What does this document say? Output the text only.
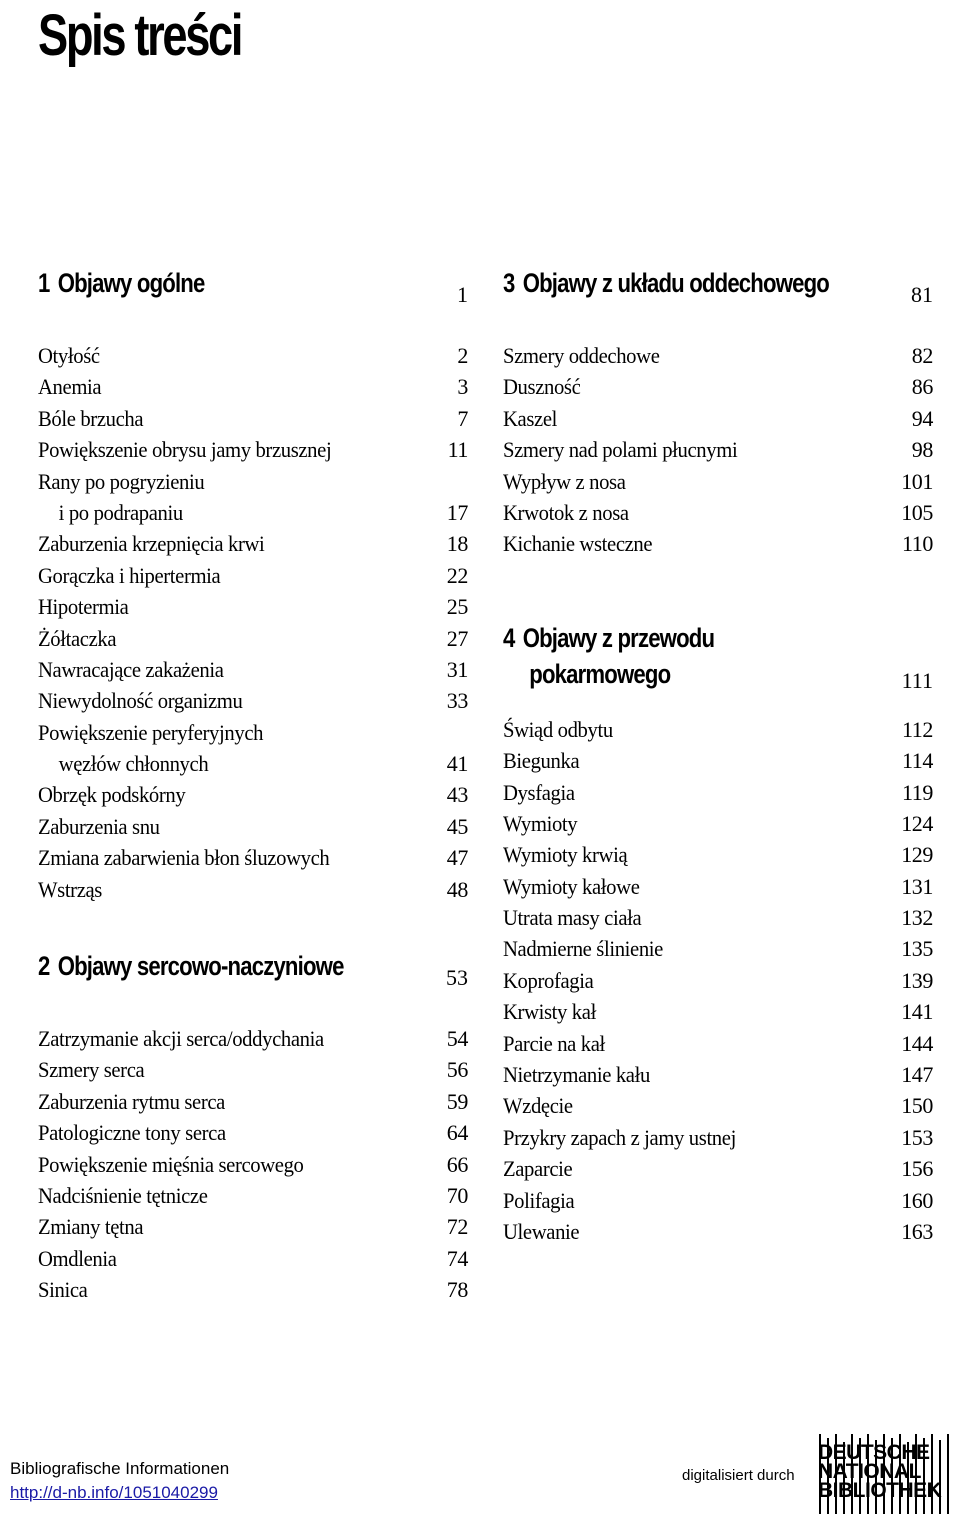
Spis treści
1 Objawy ogólne	1
Otyłość	2
Anemia	3
Bóle brzucha	7
Powiększenie obrysu jamy brzusznej	11
Rany po pogryzieniu
i po podrapaniu	17
Zaburzenia krzepnięcia krwi	18
Gorączka i hipertermia	22
Hipotermia	25
Żółtaczka	27
Nawracające zakażenia	31
Niewydolność organizmu	33
Powiększenie peryferyjnych
węzłów chłonnych	41
Obrzęk podskórny	43
Zaburzenia snu	45
Zmiana zabarwienia błon śluzowych	47
Wstrząs	48
2 Objawy sercowo-naczyniowe	53
Zatrzymanie akcji serca/oddychania	54
Szmery serca	56
Zaburzenia rytmu serca	59
Patologiczne tony serca	64
Powiększenie mięśnia sercowego	66
Nadciśnienie tętnicze	70
Zmiany tętna	72
Omdlenia	74
Sinica	78
3 Objawy z układu oddechowego	81
Szmery oddechowe	82
Duszność	86
Kaszel	94
Szmery nad polami płucnymi	98
Wypływ z nosa	101
Krwotok z nosa	105
Kichanie wsteczne	110
4 Objawy z przewodu
pokarmowego	111
Świąd odbytu	112
Biegunka	114
Dysfagia	119
Wymioty	124
Wymioty krwią	129
Wymioty kałowe	131
Utrata masy ciała	132
Nadmierne ślinienie	135
Koprofagia	139
Krwisty kał	141
Parcie na kał	144
Nietrzymanie kału	147
Wzdęcie	150
Przykry zapach z jamy ustnej	153
Zaparcie	156
Polifagia	160
Ulewanie	163
Bibliografische Informationen
http://d-nb.info/1051040299
digitalisiert durch
DEUTSCHE
NATIONAL
BIBLIOTHEK
